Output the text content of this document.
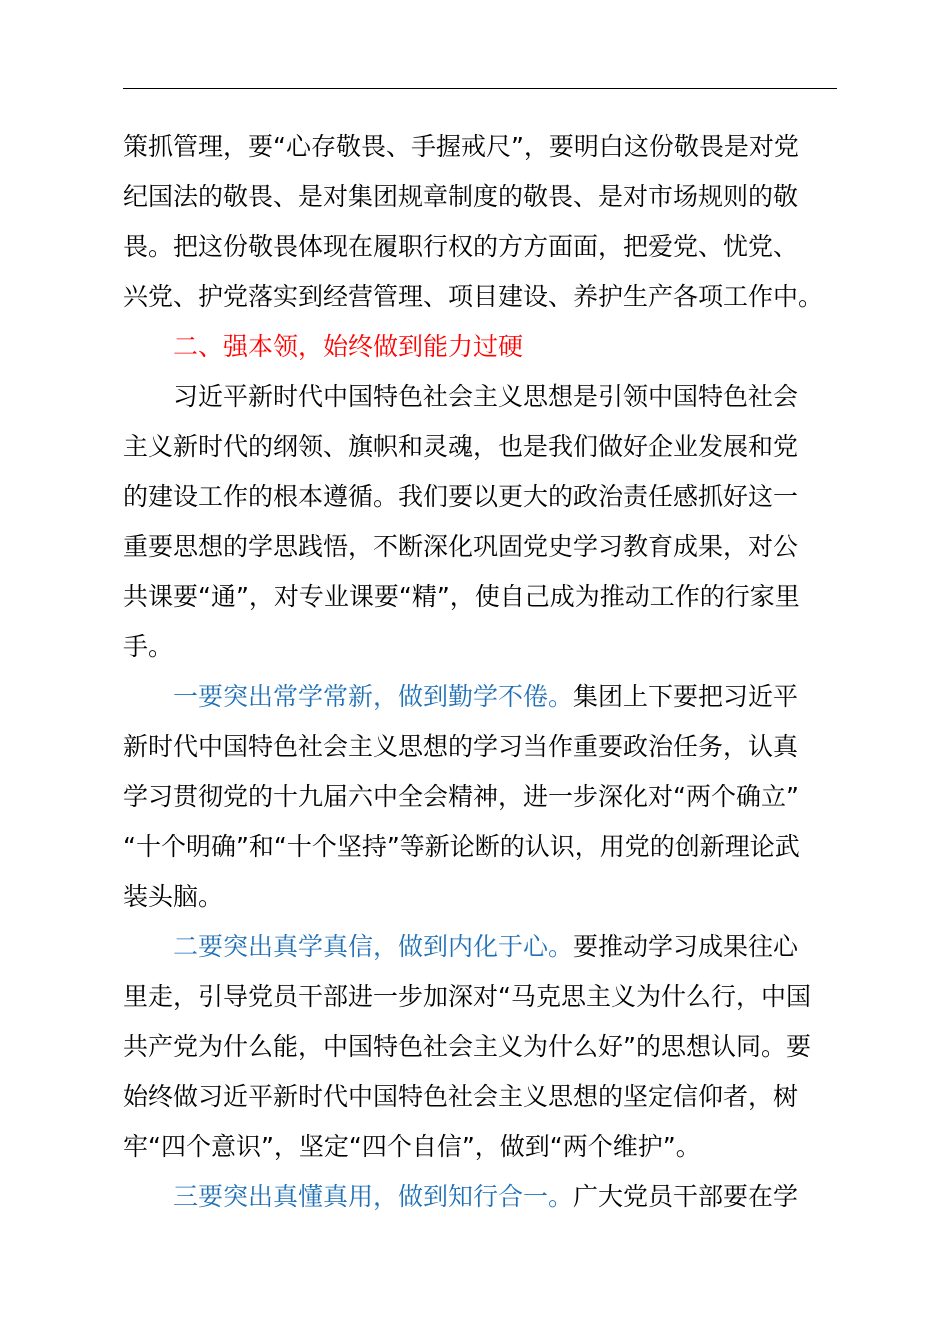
策抓管理，要“心存敬畏、手握戒尺”，要明白这份敬畏是对党
纪国法的敬畏、是对集团规章制度的敬畏、是对市场规则的敬
畏。把这份敬畏体现在履职行权的方方面面，把爱党、忧党、
兴党、护党落实到经营管理、项目建设、养护生产各项工作中。
　　二、强本领，始终做到能力过硬
　　习近平新时代中国特色社会主义思想是引领中国特色社会
主义新时代的纲领、旗帜和灵魂，也是我们做好企业发展和党
的建设工作的根本遵循。我们要以更大的政治责任感抓好这一
重要思想的学思践悟，不断深化巩固党史学习教育成果，对公
共课要“通”，对专业课要“精”，使自己成为推动工作的行家里
手。
　　一要突出常学常新，做到勤学不倦。集团上下要把习近平
新时代中国特色社会主义思想的学习当作重要政治任务，认真
学习贯彻党的十九届六中全会精神，进一步深化对“两个确立”
“十个明确”和“十个坚持”等新论断的认识，用党的创新理论武
装头脑。
　　二要突出真学真信，做到内化于心。要推动学习成果往心
里走，引导党员干部进一步加深对“马克思主义为什么行，中国
共产党为什么能，中国特色社会主义为什么好”的思想认同。要
始终做习近平新时代中国特色社会主义思想的坚定信仰者，树
牢“四个意识”，坚定“四个自信”，做到“两个维护”。
　　三要突出真懂真用，做到知行合一。广大党员干部要在学
